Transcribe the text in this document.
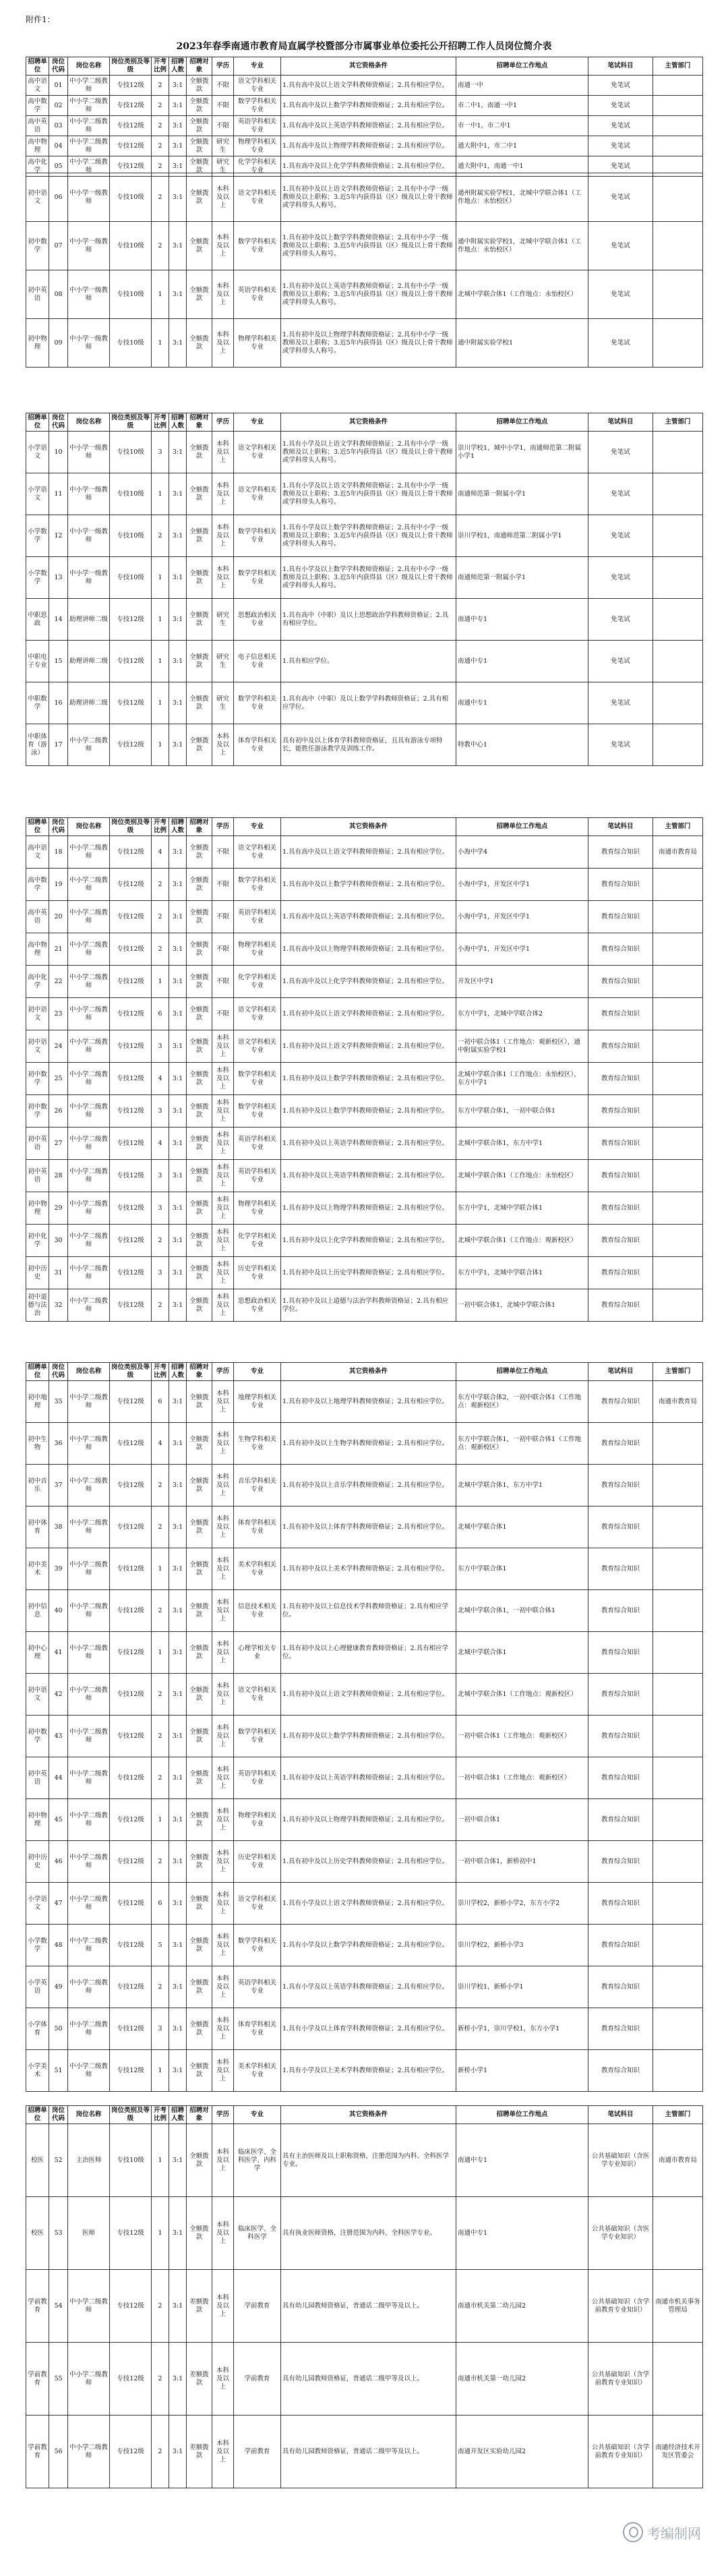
附件1：
2023年春季南通市教育局直属学校暨部分市属事业单位委托公开招聘工作人员岗位简介表
招聘单位	岗位代码	岗位名称	岗位类别及等级	开考比例	招聘人数	招聘对象	学历	专业	其它资格条件	招聘单位工作地点	笔试科目	主管部门
高中语文	01	中小学二级教师	专技12级	2	3:1	全额拨款	不限	语文学科相关专业	1.具有高中及以上语文学科教师资格证；2.具有相应学位。	南通一中	免笔试	
高中数学	02	中小学二级教师	专技12级	2	3:1	全额拨款	不限	数学学科相关专业	1.具有高中及以上数学学科教师资格证；2.具有相应学位。	市二中1，南通一中1	免笔试	
高中英语	03	中小学二级教师	专技12级	2	3:1	全额拨款	不限	英语学科相关专业	1.具有高中及以上英语学科教师资格证；2.具有相应学位。	市一中1，市二中1	免笔试	
高中物理	04	中小学二级教师	专技12级	2	3:1	全额拨款	研究生	物理学科相关专业	1.具有高中及以上物理学科教师资格证；2.具有相应学位。	通大附中1，市二中1	免笔试	
高中化学	05	中小学二级教师	专技12级	2	3:1	全额拨款	研究生	化学学科相关专业	1.具有高中及以上化学学科教师资格证；2.具有相应学位。	通大附中1，南通一中1	免笔试	
初中语文	06	中小学一级教师	专技10级	2	3:1	全额拨款	本科及以上	语文学科相关专业	1.具有初中及以上语文学科教师资格证；2.具有中小学一级教师及以上职称；3.近5年内获得县（区）级及以上骨干教师或学科带头人称号。	通州附属实验学校1，北城中学联合体1（工作地点：永怡校区）	免笔试	
初中数学	07	中小学一级教师	专技10级	2	3:1	全额拨款	本科及以上	数学学科相关专业	1.具有初中及以上数学学科教师资格证；2.具有中小学一级教师及以上职称；3.近5年内获得县（区）级及以上骨干教师或学科带头人称号。	通中附属实验学校1，北城中学联合体1（工作地点：永怡校区）	免笔试	
初中英语	08	中小学一级教师	专技10级	1	3:1	全额拨款	本科及以上	英语学科相关专业	1.具有初中及以上英语学科教师资格证；2.具有中小学一级教师及以上职称；3.近5年内获得县（区）级及以上骨干教师或学科带头人称号。	北城中学联合体1（工作地点：永怡校区）	免笔试	
初中物理	09	中小学一级教师	专技10级	1	3:1	全额拨款	本科及以上	物理学科相关专业	1.具有初中及以上物理学科教师资格证；2.具有中小学一级教师及以上职称；3.近5年内获得县（区）级及以上骨干教师或学科带头人称号。	通中附属实验学校1	免笔试	
招聘单位	岗位代码	岗位名称	岗位类别及等级	开考比例	招聘人数	招聘对象	学历	专业	其它资格条件	招聘单位工作地点	笔试科目	主管部门
小学语文	10	中小学一级教师	专技10级	3	3:1	全额拨款	本科及以上	语文学科相关专业	1.具有小学及以上语文学科教师资格证；2.具有中小学一级教师及以上职称；3.近5年内获得县（区）级及以上骨干教师或学科带头人称号。	崇川学校1，城中小学1，南通师范第二附属小学1	免笔试	
小学语文	11	中小学一级教师	专技10级	1	3:1	全额拨款	本科及以上	语文学科相关专业	1.具有小学及以上语文学科教师资格证；2.具有中小学一级教师及以上职称；3.近5年内获得县（区）级及以上骨干教师或学科带头人称号。	南通师范第一附属小学1	免笔试	
小学数学	12	中小学一级教师	专技10级	2	3:1	全额拨款	本科及以上	数学学科相关专业	1.具有小学及以上数学学科教师资格证；2.具有中小学一级教师及以上职称；3.近5年内获得县（区）级及以上骨干教师或学科带头人称号。	崇川学校1，南通师范第二附属小学1	免笔试	
小学数学	13	中小学一级教师	专技10级	1	3:1	全额拨款	本科及以上	数学学科相关专业	1.具有小学及以上数学学科教师资格证；2.具有中小学一级教师及以上职称；3.近5年内获得县（区）级及以上骨干教师或学科带头人称号。	南通师范第一附属小学1	免笔试	
中职思政	14	助理讲师二级	专技12级	1	3:1	全额拨款	研究生	思想政治相关专业	1.具有高中（中职）及以上思想政治学科教师资格证；2.具有相应学位。	南通中专1	免笔试	
中职电子专业	15	助理讲师二级	专技12级	1	3:1	全额拨款	研究生	电子信息相关专业	1.具有相应学位。	南通中专1	免笔试	
中职数学	16	助理讲师二级	专技12级	1	3:1	全额拨款	研究生	数学学科相关专业	1.具有高中（中职）及以上数学学科教师资格证；2.具有相应学位。	南通中专1	免笔试	
中职体育（游泳）	17	中小学二级教师	专技12级	1	3:1	全额拨款	本科及以上	体育学科相关专业	具有初中及以上体育学科教师资格证，且具有游泳专项特长，能胜任游泳教学及训练工作。	特教中心1	免笔试	
招聘单位	岗位代码	岗位名称	岗位类别及等级	开考比例	招聘人数	招聘对象	学历	专业	其它资格条件	招聘单位工作地点	笔试科目	主管部门
高中语文	18	中小学二级教师	专技12级	4	3:1	全额拨款	不限	语文学科相关专业	1.具有高中及以上语文学科教师资格证；2.具有相应学位。	小海中学4	教育综合知识	南通市教育局
高中数学	19	中小学二级教师	专技12级	2	3:1	全额拨款	不限	数学学科相关专业	1.具有高中及以上数学学科教师资格证；2.具有相应学位。	小海中学1，开发区中学1	教育综合知识	
高中英语	20	中小学二级教师	专技12级	2	3:1	全额拨款	不限	英语学科相关专业	1.具有高中及以上英语学科教师资格证；2.具有相应学位。	小海中学1，开发区中学1	教育综合知识	
高中物理	21	中小学二级教师	专技12级	2	3:1	全额拨款	不限	物理学科相关专业	1.具有高中及以上物理学科教师资格证；2.具有相应学位。	小海中学1，开发区中学1	教育综合知识	
高中化学	22	中小学二级教师	专技12级	1	3:1	全额拨款	不限	化学学科相关专业	1.具有高中及以上化学学科教师资格证；2.具有相应学位。	开发区中学1	教育综合知识	
初中语文	23	中小学二级教师	专技12级	6	3:1	全额拨款	不限	语文学科相关专业	1.具有初中及以上语文学科教师资格证；2.具有相应学位。	东方中学1，北城中学联合体2	教育综合知识	
初中语文	24	中小学二级教师	专技12级	3	3:1	全额拨款	本科及以上	语文学科相关专业	1.具有初中及以上语文学科教师资格证；2.具有相应学位。	一初中联合体1（工作地点：观新校区），通中附属实验学校1	教育综合知识	
初中数学	25	中小学二级教师	专技12级	4	3:1	全额拨款	本科及以上	数学学科相关专业	1.具有初中及以上数学学科教师资格证；2.具有相应学位。	北城中学联合体1（工作地点：永怡校区），东方中学1	教育综合知识	
初中数学	26	中小学二级教师	专技12级	3	3:1	全额拨款	本科及以上	数学学科相关专业	1.具有初中及以上数学学科教师资格证；2.具有相应学位。	东方中学联合体1，一初中联合体1	教育综合知识	
初中英语	27	中小学二级教师	专技12级	4	3:1	全额拨款	本科及以上	英语学科相关专业	1.具有初中及以上英语学科教师资格证；2.具有相应学位。	北城中学联合体1，东方中学1	教育综合知识	
初中英语	28	中小学二级教师	专技12级	3	3:1	全额拨款	本科及以上	英语学科相关专业	1.具有初中及以上英语学科教师资格证；2.具有相应学位。	北城中学联合体1（工作地点：永怡校区）	教育综合知识	
初中物理	29	中小学二级教师	专技12级	3	3:1	全额拨款	本科及以上	物理学科相关专业	1.具有初中及以上物理学科教师资格证；2.具有相应学位。	东方中学1，北城中学联合体1	教育综合知识	
初中化学	30	中小学二级教师	专技12级	2	3:1	全额拨款	本科及以上	化学学科相关专业	1.具有初中及以上化学学科教师资格证；2.具有相应学位。	北城中学联合体1（工作地点：观新校区）	教育综合知识	
初中历史	31	中小学二级教师	专技12级	3	3:1	全额拨款	本科及以上	历史学科相关专业	1.具有初中及以上历史学科教师资格证；2.具有相应学位。	东方中学1，北城中学联合体1	教育综合知识	
初中道德与法治	32	中小学二级教师	专技12级	2	3:1	全额拨款	本科及以上	思想政治相关专业	1.具有初中及以上道德与法治学科教师资格证；2.具有相应学位。	一初中联合体1，北城中学联合体1	教育综合知识	
招聘单位	岗位代码	岗位名称	岗位类别及等级	开考比例	招聘人数	招聘对象	学历	专业	其它资格条件	招聘单位工作地点	笔试科目	主管部门
初中地理	35	中小学二级教师	专技12级	6	3:1	全额拨款	本科及以上	地理学科相关专业	1.具有初中及以上地理学科教师资格证；2.具有相应学位。	东方中学联合体2，一初中联合体1（工作地点：观新校区）	教育综合知识	南通市教育局
初中生物	36	中小学二级教师	专技12级	4	3:1	全额拨款	本科及以上	生物学科相关专业	1.具有初中及以上生物学科教师资格证；2.具有相应学位。	东方中学联合体1，一初中联合体1（工作地点：观新校区）	教育综合知识	
初中音乐	37	中小学二级教师	专技12级	2	3:1	全额拨款	本科及以上	音乐学科相关专业	1.具有初中及以上音乐学科教师资格证；2.具有相应学位。	北城中学联合体1，东方中学1	教育综合知识	
初中体育	38	中小学二级教师	专技12级	2	3:1	全额拨款	本科及以上	体育学科相关专业	1.具有初中及以上体育学科教师资格证；2.具有相应学位。	北城中学联合体1	教育综合知识	
初中美术	39	中小学二级教师	专技12级	1	3:1	全额拨款	本科及以上	美术学科相关专业	1.具有初中及以上美术学科教师资格证；2.具有相应学位。	东方中学联合体1	教育综合知识	
初中信息	40	中小学二级教师	专技12级	2	3:1	全额拨款	本科及以上	信息技术相关专业	1.具有初中及以上信息技术学科教师资格证；2.具有相应学位。	北城中学联合体1，一初中联合体1	教育综合知识	
初中心理	41	中小学二级教师	专技12级	1	3:1	全额拨款	本科及以上	心理学相关专业	1.具有初中及以上心理健康教育教师资格证；2.具有相应学位。	北城中学联合体1	教育综合知识	
初中语文	42	中小学二级教师	专技12级	2	3:1	全额拨款	本科及以上	语文学科相关专业	1.具有初中及以上语文学科教师资格证；2.具有相应学位。	北城中学联合体1（工作地点：观新校区）	教育综合知识	
初中数学	43	中小学二级教师	专技12级	2	3:1	全额拨款	本科及以上	数学学科相关专业	1.具有初中及以上数学学科教师资格证；2.具有相应学位。	一初中联合体1（工作地点：观新校区）	教育综合知识	
初中英语	44	中小学二级教师	专技12级	2	3:1	全额拨款	本科及以上	英语学科相关专业	1.具有初中及以上英语学科教师资格证；2.具有相应学位。	一初中联合体1（工作地点：观新校区）	教育综合知识	
初中物理	45	中小学二级教师	专技12级	1	3:1	全额拨款	本科及以上	物理学科相关专业	1.具有初中及以上物理学科教师资格证；2.具有相应学位。	一初中联合体1	教育综合知识	
初中历史	46	中小学二级教师	专技12级	2	3:1	全额拨款	本科及以上	历史学科相关专业	1.具有初中及以上历史学科教师资格证；2.具有相应学位。	一初中联合体1，新桥初中1	教育综合知识	
小学语文	47	中小学二级教师	专技12级	6	3:1	全额拨款	本科及以上	语文学科相关专业	1.具有小学及以上语文学科教师资格证；2.具有相应学位。	崇川学校2，新桥小学2，东方小学2	教育综合知识	
小学数学	48	中小学二级教师	专技12级	5	3:1	全额拨款	本科及以上	数学学科相关专业	1.具有小学及以上数学学科教师资格证；2.具有相应学位。	崇川学校2，新桥小学3	教育综合知识	
小学英语	49	中小学二级教师	专技12级	2	3:1	全额拨款	本科及以上	英语学科相关专业	1.具有小学及以上英语学科教师资格证；2.具有相应学位。	崇川学校1，新桥小学1	教育综合知识	
小学体育	50	中小学二级教师	专技12级	3	3:1	全额拨款	本科及以上	体育学科相关专业	1.具有小学及以上体育学科教师资格证；2.具有相应学位。	新桥小学1，崇川学校1，东方小学1	教育综合知识	
小学美术	51	中小学二级教师	专技12级	1	3:1	全额拨款	本科及以上	美术学科相关专业	1.具有小学及以上美术学科教师资格证；2.具有相应学位。	新桥小学1	教育综合知识	
招聘单位	岗位代码	岗位名称	岗位类别及等级	开考比例	招聘人数	招聘对象	学历	专业	其它资格条件	招聘单位工作地点	笔试科目	主管部门
校医	52	主治医师	专技10级	1	3:1	全额拨款	本科及以上	临床医学、全科医学、内科学	具有主治医师及以上职称资格，注册范围为内科、全科医学专业。	南通中专1	公共基础知识（含医学专业知识）	南通市教育局
校医	53	医师	专技12级	1	3:1	全额拨款	本科及以上	临床医学、全科医学	具有执业医师资格，注册范围为内科、全科医学专业。	南通中专1	公共基础知识（含医学专业知识）	
学前教育	54	中小学二级教师	专技12级	2	3:1	差额拨款	本科及以上	学前教育	具有幼儿园教师资格证，普通话二级甲等及以上。	南通市机关第二幼儿园2	公共基础知识（含学前教育专业知识）	南通市机关事务管理局
学前教育	55	中小学二级教师	专技12级	2	3:1	差额拨款	本科及以上	学前教育	具有幼儿园教师资格证，普通话二级甲等及以上。	南通市机关第一幼儿园2	公共基础知识（含学前教育专业知识）	
学前教育	56	中小学二级教师	专技12级	2	3:1	差额拨款	本科及以上	学前教育	具有幼儿园教师资格证，普通话二级甲等及以上。	南通开发区实验幼儿园2	公共基础知识（含学前教育专业知识）	南通经济技术开发区管委会
考编制网
